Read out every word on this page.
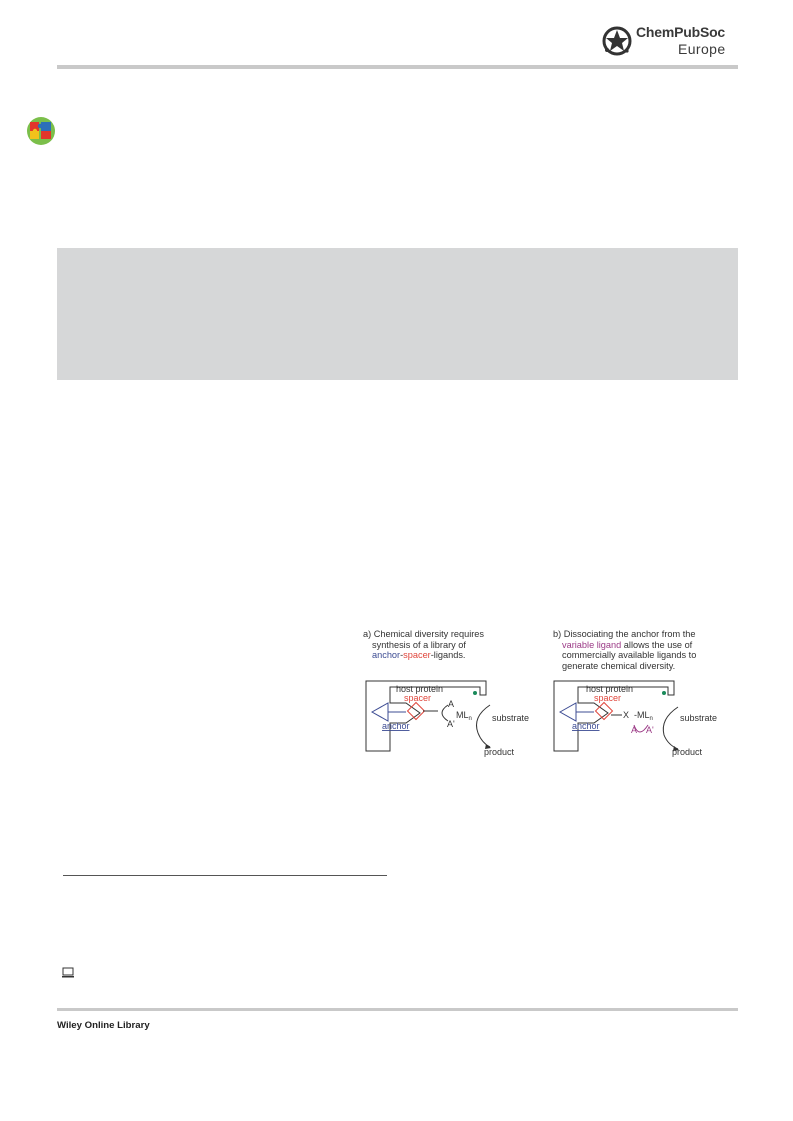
ChemPubSoc
Europe
a) Chemical diversity requires
synthesis of a library of
anchor-spacer-ligands.
b) Dissociating the anchor from the
variable ligand allows the use of
commercially available ligands to
generate chemical diversity.
host protein
anchor
spacer
A
$ML_n$
A'
substrate
product
host protein
anchor
spacer
X $-ML_n$
A A'
substrate
product
Wiley Online Library
